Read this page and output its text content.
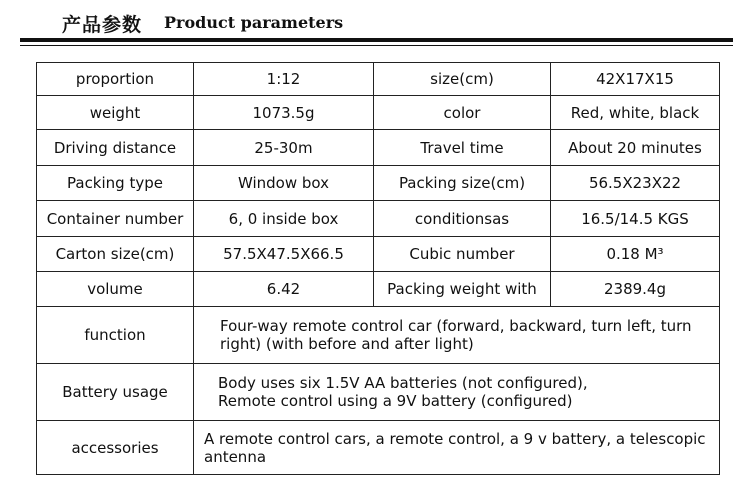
产品参数 Product parameters
proportion	1:12	size(cm)	42X17X15
weight	1073.5g	color	Red, white, black
Driving distance	25-30m	Travel time	About 20 minutes
Packing type	Window box	Packing size(cm)	56.5X23X22
Container number	6, 0 inside box	conditionsas	16.5/14.5 KGS
Carton size(cm)	57.5X47.5X66.5	Cubic number	0.18 M³
volume	6.42	Packing weight with	2389.4g
function	Four-way remote control car (forward, backward, turn left, turn
right) (with before and after light)		

Battery usage	Body uses six 1.5V AA batteries (not configured),
Remote control using a 9V battery (configured)		

accessories	A remote control cars, a remote control, a 9 v battery, a telescopic
antenna		
